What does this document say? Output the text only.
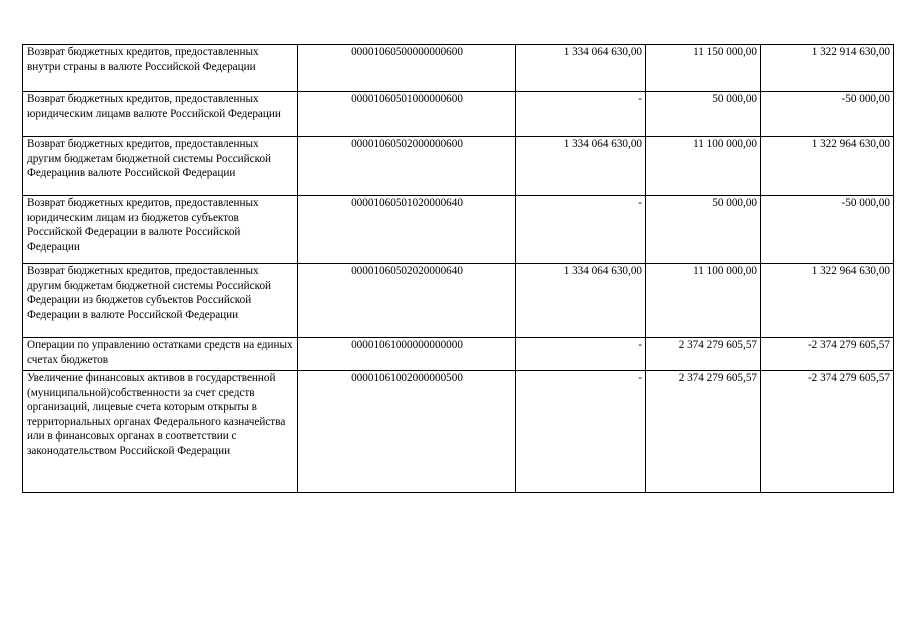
Возврат бюджетных кредитов, предоставленных внутри страны в валюте Российской Федерации	00001060500000000600	1 334 064 630,00	11 150 000,00	1 322 914 630,00
Возврат бюджетных кредитов, предоставленных юридическим лицамв валюте Российской Федерации	00001060501000000600	-	50 000,00	-50 000,00
Возврат бюджетных кредитов, предоставленных другим бюджетам бюджетной системы Российской Федерациив валюте Российской Федерации	00001060502000000600	1 334 064 630,00	11 100 000,00	1 322 964 630,00
Возврат бюджетных кредитов, предоставленных юридическим лицам из бюджетов субъектов Российской Федерации в валюте Российской Федерации	00001060501020000640	-	50 000,00	-50 000,00
Возврат бюджетных кредитов, предоставленных другим бюджетам бюджетной системы Российской Федерации из бюджетов субъектов Российской Федерации в валюте Российской Федерации	00001060502020000640	1 334 064 630,00	11 100 000,00	1 322 964 630,00
Операции по управлению остатками средств на единых счетах бюджетов	00001061000000000000	-	2 374 279 605,57	-2 374 279 605,57
Увеличение финансовых активов в государственной (муниципальной)собственности за счет средств организаций, лицевые счета которым открыты в территориальных органах Федерального казначейства или в финансовых органах в соответствии с законодательством Российской Федерации	00001061002000000500	-	2 374 279 605,57	-2 374 279 605,57
